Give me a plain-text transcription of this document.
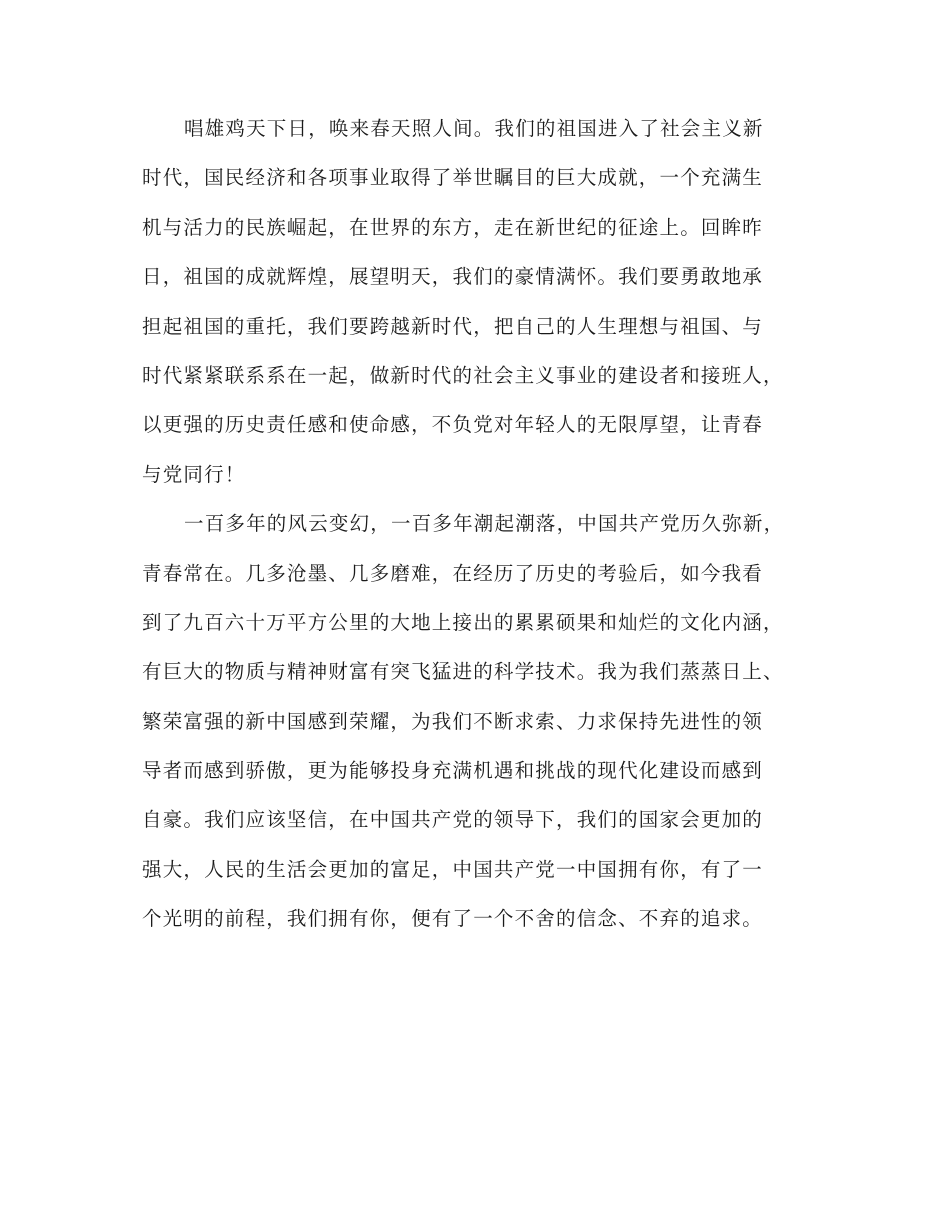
唱雄鸡天下日，唤来春天照人间。我们的祖国进入了社会主义新
时代，国民经济和各项事业取得了举世瞩目的巨大成就，一个充满生
机与活力的民族崛起，在世界的东方，走在新世纪的征途上。回眸昨
日，祖国的成就辉煌，展望明天，我们的豪情满怀。我们要勇敢地承
担起祖国的重托，我们要跨越新时代，把自己的人生理想与祖国、与
时代紧紧联系系在一起，做新时代的社会主义事业的建设者和接班人，
以更强的历史责任感和使命感，不负党对年轻人的无限厚望，让青春
与党同行！
一百多年的风云变幻，一百多年潮起潮落，中国共产党历久弥新，
青春常在。几多沧墨、几多磨难，在经历了历史的考验后，如今我看
到了九百六十万平方公里的大地上接出的累累硕果和灿烂的文化内涵，
有巨大的物质与精神财富有突飞猛进的科学技术。我为我们蒸蒸日上、
繁荣富强的新中国感到荣耀，为我们不断求索、力求保持先进性的领
导者而感到骄傲，更为能够投身充满机遇和挑战的现代化建设而感到
自豪。我们应该坚信，在中国共产党的领导下，我们的国家会更加的
强大，人民的生活会更加的富足，中国共产党一中国拥有你，有了一
个光明的前程，我们拥有你，便有了一个不舍的信念、不弃的追求。
